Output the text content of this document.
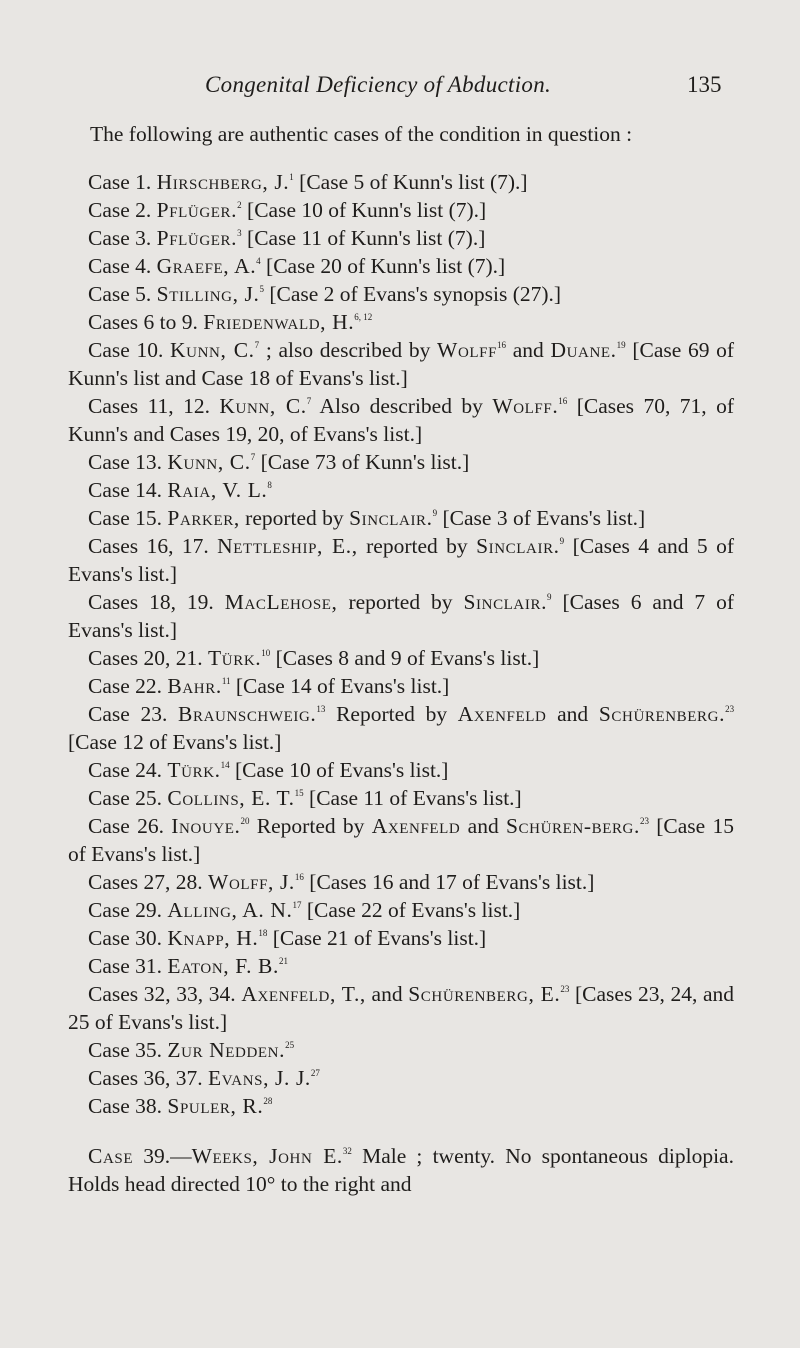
Congenital Deficiency of Abduction.	135

The following are authentic cases of the condition in question :

Case 1. Hirschberg, J.$^1$ [Case 5 of Kunn's list (7).]
Case 2. Pflüger.$^2$ [Case 10 of Kunn's list (7).]
Case 3. Pflüger.$^3$ [Case 11 of Kunn's list (7).]
Case 4. Graefe, A.$^4$ [Case 20 of Kunn's list (7).]
Case 5. Stilling, J.$^5$ [Case 2 of Evans's synopsis (27).]
Cases 6 to 9. Friedenwald, H.$^{6, 12}$
Case 10. Kunn, C.$^7$ ; also described by Wolff$^{16}$ and Duane.$^{19}$ [Case 69 of Kunn's list and Case 18 of Evans's list.]
Cases 11, 12. Kunn, C.$^7$ Also described by Wolff.$^{16}$ [Cases 70, 71, of Kunn's and Cases 19, 20, of Evans's list.]
Case 13. Kunn, C.$^7$ [Case 73 of Kunn's list.]
Case 14. Raia, V. L.$^8$
Case 15. Parker, reported by Sinclair.$^9$ [Case 3 of Evans's list.]
Cases 16, 17. Nettleship, E., reported by Sinclair.$^9$ [Cases 4 and 5 of Evans's list.]
Cases 18, 19. MacLehose, reported by Sinclair.$^9$ [Cases 6 and 7 of Evans's list.]
Cases 20, 21. Türk.$^{10}$ [Cases 8 and 9 of Evans's list.]
Case 22. Bahr.$^{11}$ [Case 14 of Evans's list.]
Case 23. Braunschweig.$^{13}$ Reported by Axenfeld and Schürenberg.$^{23}$ [Case 12 of Evans's list.]
Case 24. Türk.$^{14}$ [Case 10 of Evans's list.]
Case 25. Collins, E. T.$^{15}$ [Case 11 of Evans's list.]
Case 26. Inouye.$^{20}$ Reported by Axenfeld and Schüren-berg.$^{23}$ [Case 15 of Evans's list.]
Cases 27, 28. Wolff, J.$^{16}$ [Cases 16 and 17 of Evans's list.]
Case 29. Alling, A. N.$^{17}$ [Case 22 of Evans's list.]
Case 30. Knapp, H.$^{18}$ [Case 21 of Evans's list.]
Case 31. Eaton, F. B.$^{21}$
Cases 32, 33, 34. Axenfeld, T., and Schürenberg, E.$^{23}$ [Cases 23, 24, and 25 of Evans's list.]
Case 35. Zur Nedden.$^{25}$
Cases 36, 37. Evans, J. J.$^{27}$
Case 38. Spuler, R.$^{28}$

Case 39.—Weeks, John E.$^{32}$ Male ; twenty. No spontaneous diplopia. Holds head directed 10° to the right and
